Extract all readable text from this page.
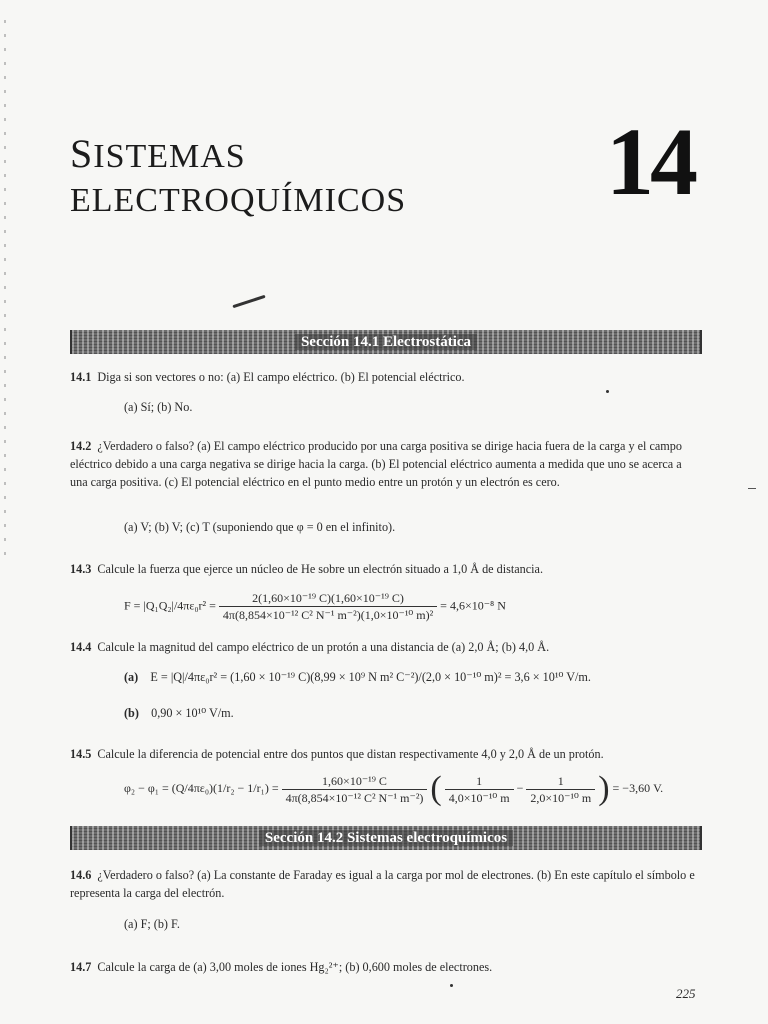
SISTEMAS
ELECTROQUÍMICOS 14
Sección 14.1 Electrostática
14.1 Diga si son vectores o no: (a) El campo eléctrico. (b) El potencial eléctrico.
(a) Sí; (b) No.
14.2 ¿Verdadero o falso? (a) El campo eléctrico producido por una carga positiva se dirige hacia fuera de la carga y el campo eléctrico debido a una carga negativa se dirige hacia la carga. (b) El potencial eléctrico aumenta a medida que uno se acerca a una carga positiva. (c) El potencial eléctrico en el punto medio entre un protón y un electrón es cero.
(a) V; (b) V; (c) T (suponiendo que φ = 0 en el infinito).
14.3 Calcule la fuerza que ejerce un núcleo de He sobre un electrón situado a 1,0 Å de distancia.
$F = |Q_1Q_2|/4\pi\varepsilon_0r^2 = \frac{\text{2(1,60×10⁻¹⁹ C)(1,60×10⁻¹⁹ C)}}{\text{4π(8,854×10⁻¹² C² N⁻¹ m⁻²)(1,0×10⁻¹⁰ m)²}} = 4,6\times 10^{-8}$ N
14.4 Calcule la magnitud del campo eléctrico de un protón a una distancia de (a) 2,0 Å; (b) 4,0 Å.
(a) E = |Q|/4πε₀r² = (1,60 × 10⁻¹⁹ C)(8,99 × 10⁹ N m² C⁻²)/(2,0 × 10⁻¹⁰ m)² = 3,6 × 10¹⁰ V/m.
(b) 0,90 × 10¹⁰ V/m.
14.5 Calcule la diferencia de potencial entre dos puntos que distan respectivamente 4,0 y 2,0 Å de un protón.
$\varphi_2 - \varphi_1 = (Q/4\pi\varepsilon_0)(1/r_2 - 1/r_1) = \frac{\text{1,60×10⁻¹⁹ C}}{\text{4π(8,854×10⁻¹² C² N⁻¹ m⁻²)}}$ ( $\frac{1}{\text{4,0×10⁻¹⁰ m}} - \frac{1}{\text{2,0×10⁻¹⁰ m}}$ ) = −3,60 V.
Sección 14.2 Sistemas electroquímicos
14.6 ¿Verdadero o falso? (a) La constante de Faraday es igual a la carga por mol de electrones. (b) En este capítulo el símbolo e representa la carga del electrón.
(a) F; (b) F.
14.7 Calcule la carga de (a) 3,00 moles de iones Hg₂²⁺; (b) 0,600 moles de electrones.
225
